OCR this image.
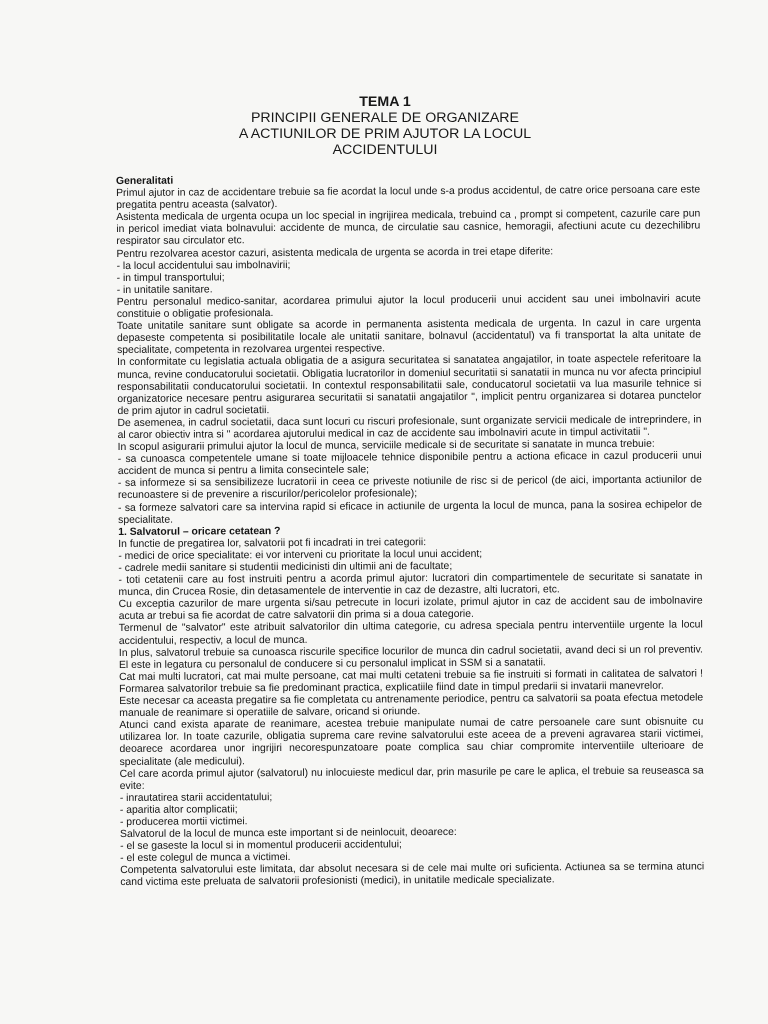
TEMA 1

PRINCIPII GENERALE DE ORGANIZARE

A ACTIUNILOR DE PRIM AJUTOR LA LOCUL

ACCIDENTULUI

Generalitati

Primul ajutor in caz de accidentare trebuie sa fie acordat la locul unde s-a produs accidentul, de catre orice persoana care este pregatita pentru aceasta (salvator).

Asistenta medicala de urgenta ocupa un loc special in ingrijirea medicala, trebuind ca , prompt si competent, cazurile care pun in pericol imediat viata bolnavului: accidente de munca, de circulatie sau casnice, hemoragii, afectiuni acute cu dezechilibru respirator sau circulator etc.

Pentru rezolvarea acestor cazuri, asistenta medicala de urgenta se acorda in trei etape diferite:

- la locul accidentului sau imbolnavirii;

- in timpul transportului;

- in unitatile sanitare.

Pentru personalul medico-sanitar, acordarea primului ajutor la locul producerii unui accident sau unei imbolnaviri acute constituie o obligatie profesionala.

Toate unitatile sanitare sunt obligate sa acorde in permanenta asistenta medicala de urgenta. In cazul in care urgenta depaseste competenta si posibilitatile locale ale unitatii sanitare, bolnavul (accidentatul) va fi transportat la alta unitate de specialitate, competenta in rezolvarea urgentei respective.

In conformitate cu legislatia actuala obligatia de a asigura securitatea si sanatatea angajatilor, in toate aspectele referitoare la munca, revine conducatorului societatii. Obligatia lucratorilor in domeniul securitatii si sanatatii in munca nu vor afecta principiul responsabilitatii conducatorului societatii. In contextul responsabilitatii sale, conducatorul societatii va lua masurile tehnice si organizatorice necesare pentru asigurarea securitatii si sanatatii angajatilor ", implicit pentru organizarea si dotarea punctelor de prim ajutor in cadrul societatii.

De asemenea, in cadrul societatii, daca sunt locuri cu riscuri profesionale, sunt organizate servicii medicale de intreprindere, in al caror obiectiv intra si " acordarea ajutorului medical in caz de accidente sau imbolnaviri acute in timpul activitatii ".

In scopul asigurarii primului ajutor la locul de munca, serviciile medicale si de securitate si sanatate in munca trebuie:

- sa cunoasca competentele umane si toate mijloacele tehnice disponibile pentru a actiona eficace in cazul producerii unui accident de munca si pentru a limita consecintele sale;

- sa informeze si sa sensibilizeze lucratorii in ceea ce priveste notiunile de risc si de pericol (de aici, importanta actiunilor de recunoastere si de prevenire a riscurilor/pericolelor profesionale);

- sa formeze salvatori care sa intervina rapid si eficace in actiunile de urgenta la locul de munca, pana la sosirea echipelor de specialitate.

1. Salvatorul – oricare cetatean ?

In functie de pregatirea lor, salvatorii pot fi incadrati in trei categorii:

- medici de orice specialitate: ei vor interveni cu prioritate la locul unui accident;

- cadrele medii sanitare si studentii medicinisti din ultimii ani de facultate;

- toti cetatenii care au fost instruiti pentru a acorda primul ajutor: lucratori din compartimentele de securitate si sanatate in munca, din Crucea Rosie, din detasamentele de interventie in caz de dezastre, alti lucratori, etc.

Cu exceptia cazurilor de mare urgenta si/sau petrecute in locuri izolate, primul ajutor in caz de accident sau de imbolnavire acuta ar trebui sa fie acordat de catre salvatorii din prima si a doua categorie.

Termenul de "salvator" este atribuit salvatorilor din ultima categorie, cu adresa speciala pentru interventiile urgente la locul accidentului, respectiv, a locul de munca.

In plus, salvatorul trebuie sa cunoasca riscurile specifice locurilor de munca din cadrul societatii, avand deci si un rol preventiv. El este in legatura cu personalul de conducere si cu personalul implicat in SSM si a sanatatii.

Cat mai multi lucratori, cat mai multe persoane, cat mai multi cetateni trebuie sa fie instruiti si formati in calitatea de salvatori ! Formarea salvatorilor trebuie sa fie predominant practica, explicatiile fiind date in timpul predarii si invatarii manevrelor.

Este necesar ca aceasta pregatire sa fie completata cu antrenamente periodice, pentru ca salvatorii sa poata efectua metodele manuale de reanimare si operatiile de salvare, oricand si oriunde.

Atunci cand exista aparate de reanimare, acestea trebuie manipulate numai de catre persoanele care sunt obisnuite cu utilizarea lor. In toate cazurile, obligatia suprema care revine salvatorului este aceea de a preveni agravarea starii victimei, deoarece acordarea unor ingrijiri necorespunzatoare poate complica sau chiar compromite interventiile ulterioare de specialitate (ale medicului).

Cel care acorda primul ajutor (salvatorul) nu inlocuieste medicul dar, prin masurile pe care le aplica, el trebuie sa reuseasca sa evite:

- inrautatirea starii accidentatului;

- aparitia altor complicatii;

- producerea mortii victimei.

Salvatorul de la locul de munca este important si de neinlocuit, deoarece:

- el se gaseste la locul si in momentul producerii accidentului;

- el este colegul de munca a victimei.

Competenta salvatorului este limitata, dar absolut necesara si de cele mai multe ori suficienta. Actiunea sa se termina atunci cand victima este preluata de salvatorii profesionisti (medici), in unitatile medicale specializate.
